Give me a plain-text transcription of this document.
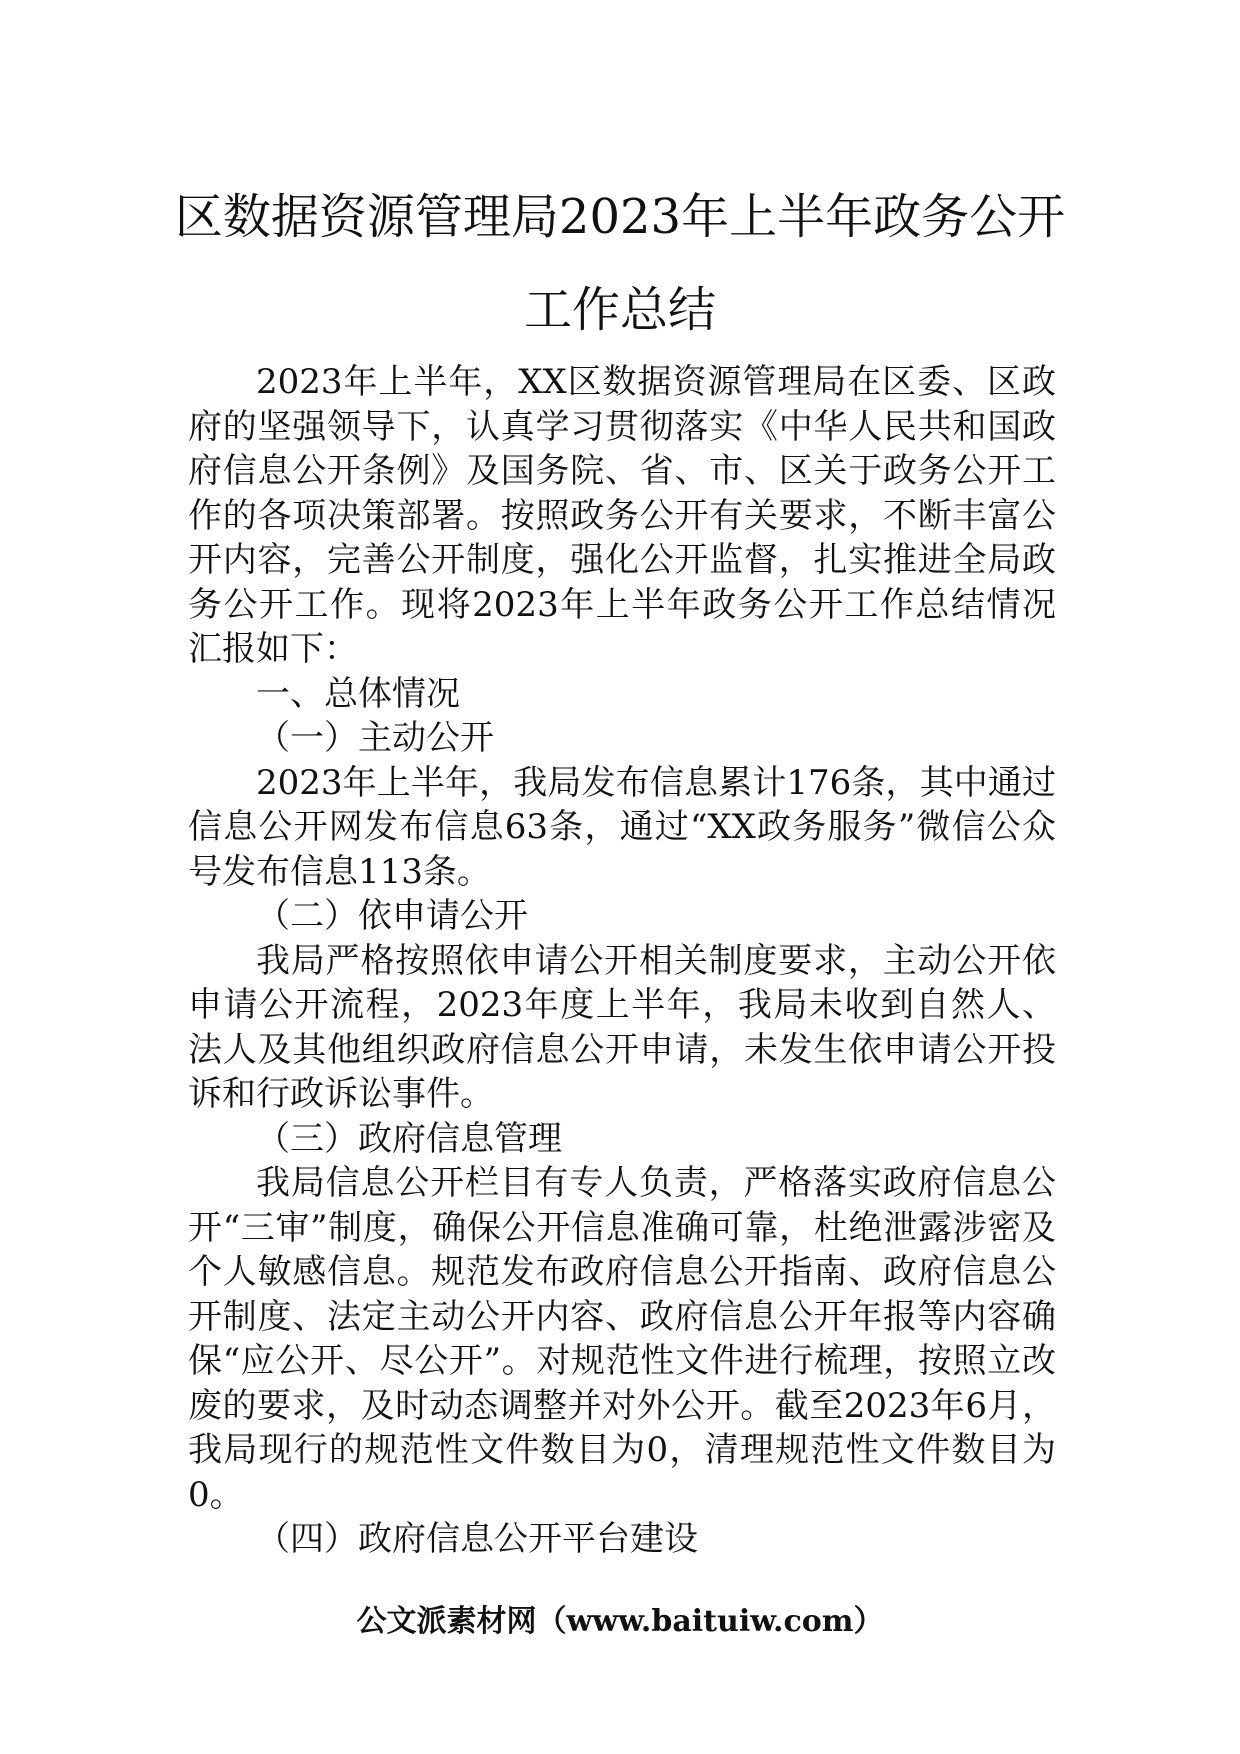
区数据资源管理局2023年上半年政务公开
工作总结

2023年上半年，XX区数据资源管理局在区委、区政府的坚强领导下，认真学习贯彻落实《中华人民共和国政府信息公开条例》及国务院、省、市、区关于政务公开工作的各项决策部署。按照政务公开有关要求，不断丰富公开内容，完善公开制度，强化公开监督，扎实推进全局政务公开工作。现将2023年上半年政务公开工作总结情况汇报如下：

一、总体情况

（一）主动公开

2023年上半年，我局发布信息累计176条，其中通过信息公开网发布信息63条，通过“XX政务服务”微信公众号发布信息113条。

（二）依申请公开

我局严格按照依申请公开相关制度要求，主动公开依申请公开流程，2023年度上半年，我局未收到自然人、法人及其他组织政府信息公开申请，未发生依申请公开投诉和行政诉讼事件。

（三）政府信息管理

我局信息公开栏目有专人负责，严格落实政府信息公开“三审”制度，确保公开信息准确可靠，杜绝泄露涉密及个人敏感信息。规范发布政府信息公开指南、政府信息公开制度、法定主动公开内容、政府信息公开年报等内容确保“应公开、尽公开”。对规范性文件进行梳理，按照立改废的要求，及时动态调整并对外公开。截至2023年6月，我局现行的规范性文件数目为0，清理规范性文件数目为0。

（四）政府信息公开平台建设

公文派素材网（www.baituiw.com）
